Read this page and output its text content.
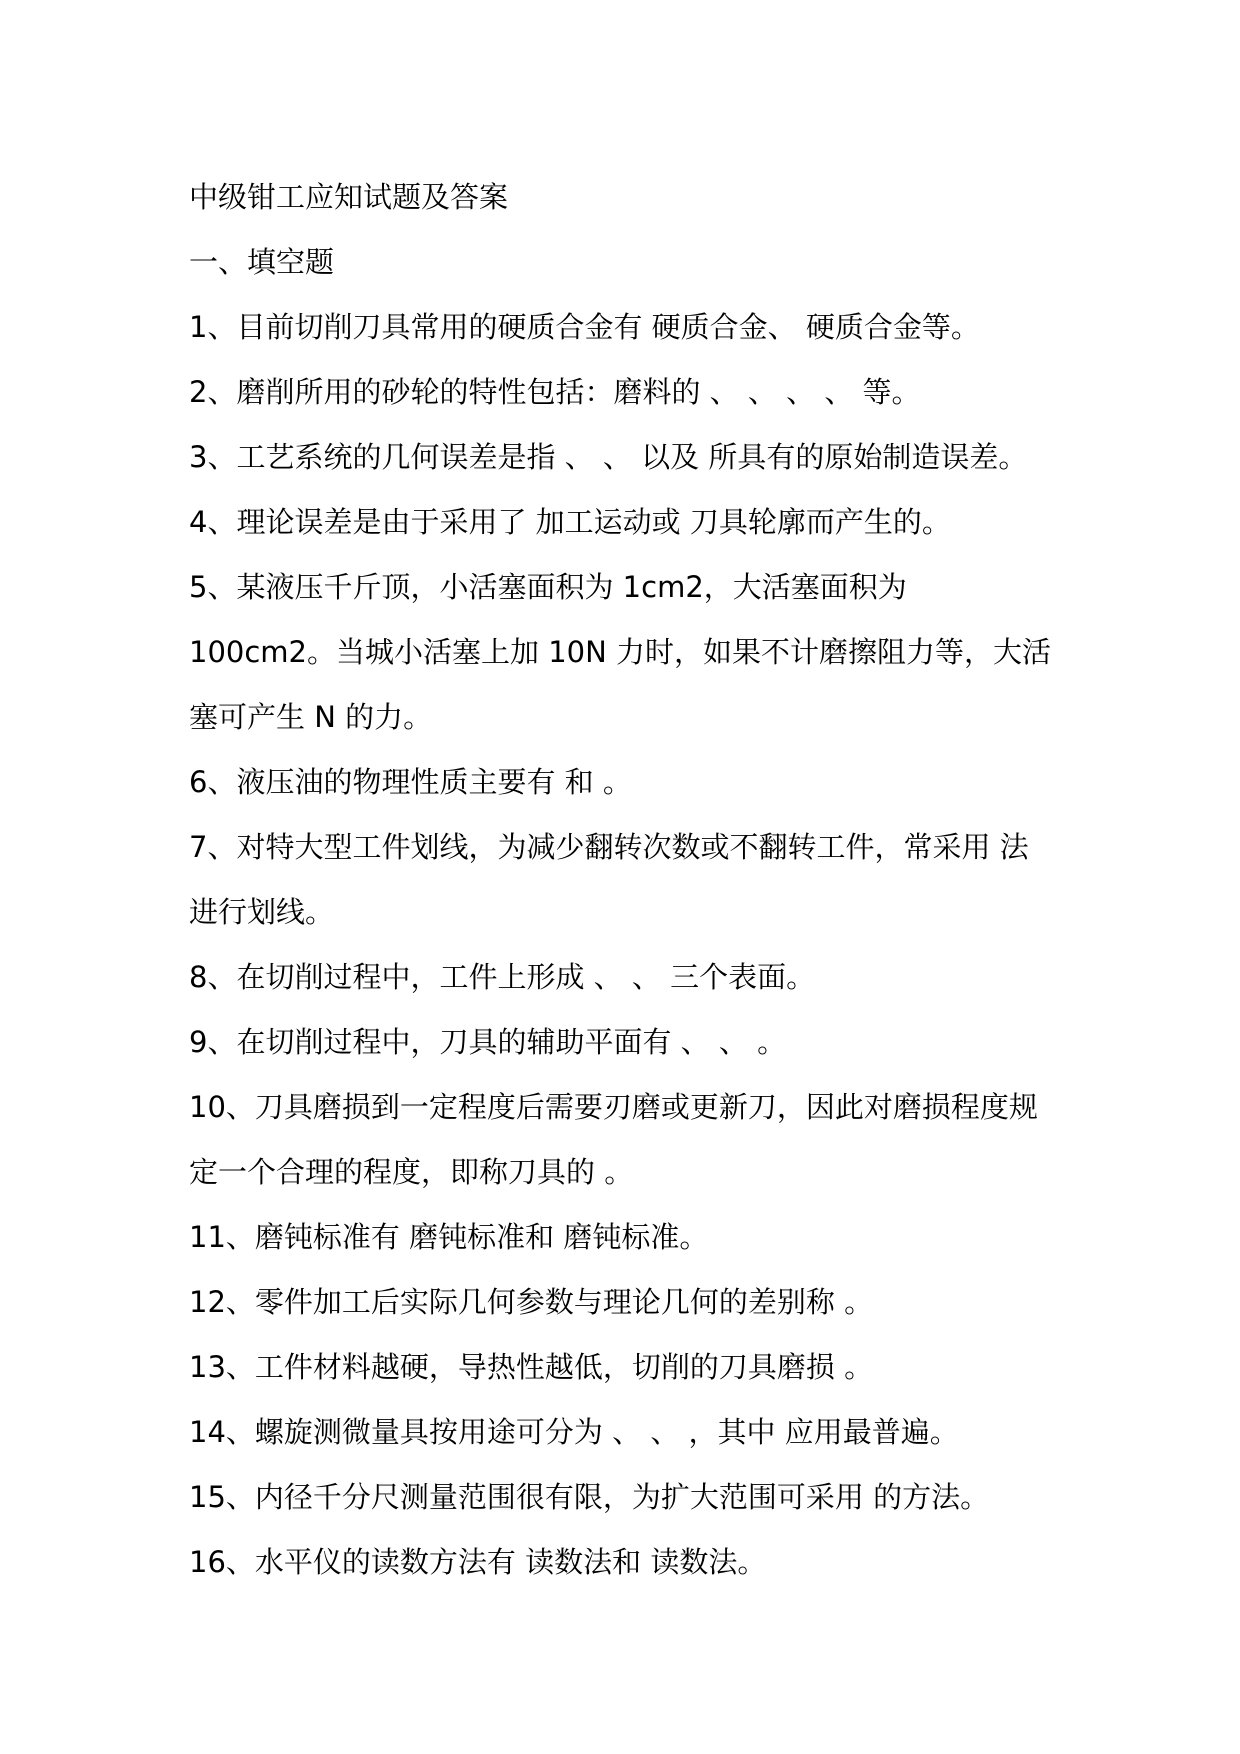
中级钳工应知试题及答案
一、填空题
1、目前切削刀具常用的硬质合金有 硬质合金、 硬质合金等。
2、磨削所用的砂轮的特性包括：磨料的 、 、 、 、 等。
3、工艺系统的几何误差是指 、 、 以及 所具有的原始制造误差。
4、理论误差是由于采用了 加工运动或 刀具轮廓而产生的。
5、某液压千斤顶，小活塞面积为 1cm2，大活塞面积为
100cm2。当城小活塞上加 10N 力时，如果不计磨擦阻力等，大活
塞可产生 N 的力。
6、液压油的物理性质主要有 和 。
7、对特大型工件划线，为减少翻转次数或不翻转工件，常采用 法
进行划线。
8、在切削过程中，工件上形成 、 、 三个表面。
9、在切削过程中，刀具的辅助平面有 、 、 。
10、刀具磨损到一定程度后需要刃磨或更新刀，因此对磨损程度规
定一个合理的程度，即称刀具的 。
11、磨钝标准有 磨钝标准和 磨钝标准。
12、零件加工后实际几何参数与理论几何的差别称 。
13、工件材料越硬，导热性越低，切削的刀具磨损 。
14、螺旋测微量具按用途可分为 、 、 ，其中 应用最普遍。
15、内径千分尺测量范围很有限，为扩大范围可采用 的方法。
16、水平仪的读数方法有 读数法和 读数法。
